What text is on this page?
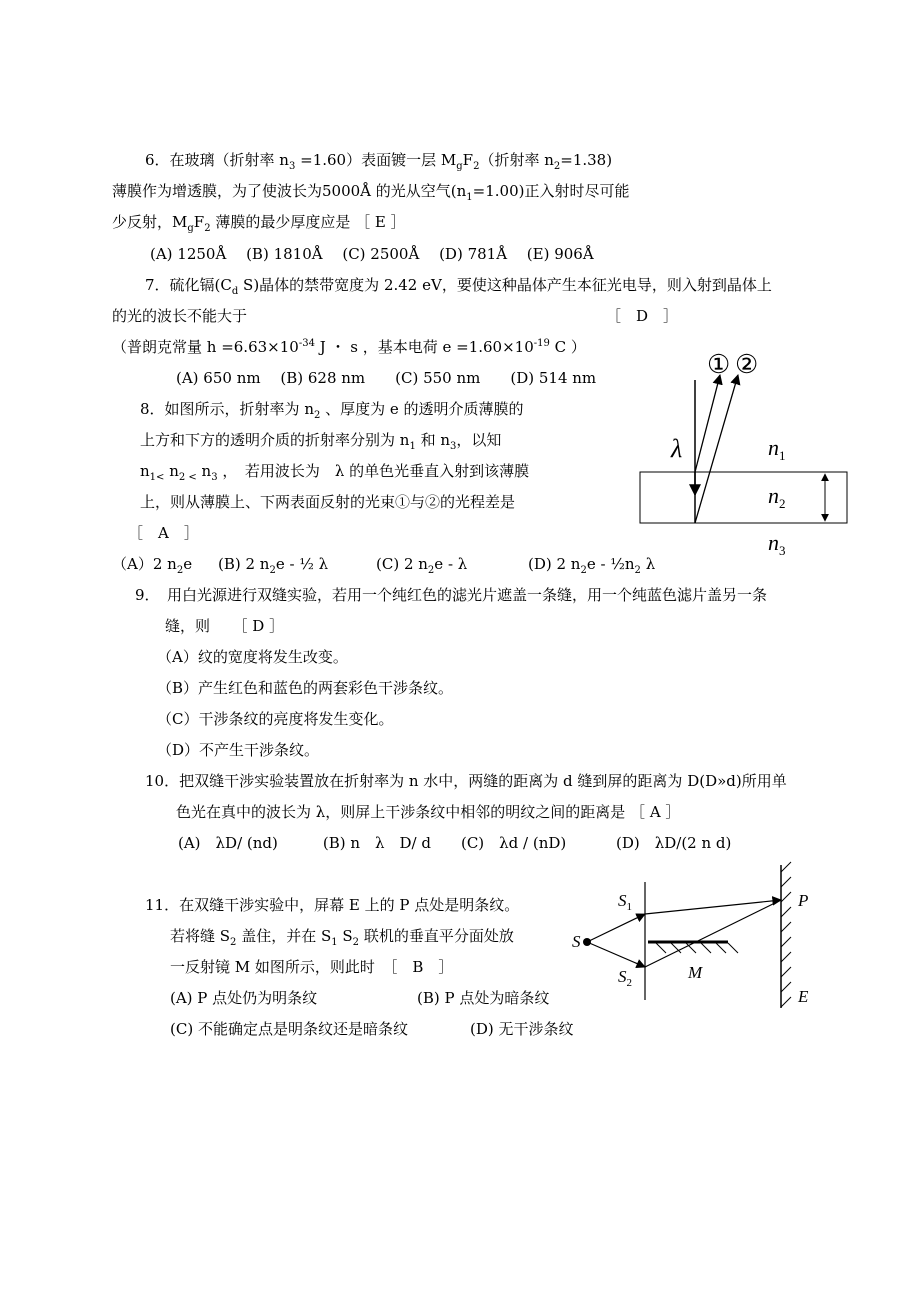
6．在玻璃（折射率 $n_3 =1.60$）表面镀一层 $M_gF_2$（折射率 $n_2=1.38$)
薄膜作为增透膜，为了使波长为5000Å 的光从空气$(n_1=1.00)$正入射时尽可能
少反射，$M_gF_2$ 薄膜的最少厚度应是 ［ E ］
(A) 1250Å　 (B) 1810Å　 (C) 2500Å　 (D) 781Å　 (E) 906Å
7．硫化镉($C_d$ S)晶体的禁带宽度为 2.42 eV，要使这种晶体产生本征光电导，则入射到晶体上
的光的波长不能大于	［　D　］
（普朗克常量 $h =6.63\times 10^{-34}$ J ・ s ，基本电荷 $e =1.60\times 10^{-19}$ C ）
(A) 650 nm　 (B) 628 nm　　(C) 550 nm　　(D) 514 nm
8．如图所示，折射率为 $n_2$ 、厚度为 e 的透明介质薄膜的
上方和下方的透明介质的折射率分别为 $n_1$ 和 $n_3$，以知
$n_{1<}$ $n_{2 <}$ $n_3$ ，　若用波长为　λ 的单色光垂直入射到该薄膜
上，则从薄膜上、下两表面反射的光束①与②的光程差是
［　A　］
（A）2 $n_2e$ (B) 2 $n_2e$ - ½ λ	(C) 2 $n_2e$ - λ	(D) 2 $n_2e$ - $\frac{1}{2}n_2$ λ
① ②
λ	$n_1$
$n_2$
$n_3$
9．　用白光源进行双缝实验，若用一个纯红色的滤光片遮盖一条缝，用一个纯蓝色滤片盖另一条
缝，则　　［ D ］
（A）纹的宽度将发生改变。
（B）产生红色和蓝色的两套彩色干涉条纹。
（C）干涉条纹的亮度将发生变化。
（D）不产生干涉条纹。
10．把双缝干涉实验装置放在折射率为 n 水中，两缝的距离为 d 缝到屏的距离为 D(D»d)所用单
色光在真中的波长为 λ，则屏上干涉条纹中相邻的明纹之间的距离是 ［ A ］
(A)　λD/ (nd)　　　(B) n　λ　D/ d　　(C)　λd / (nD)　　　 (D)　λD/(2 n d)
11．在双缝干涉实验中，屏幕 E 上的 P 点处是明条纹。
若将缝 $S_2$ 盖住，并在 $S_1$ $S_2$ 联机的垂直平分面处放
一反射镜 M 如图所示，则此时　［　B　］
(A) P 点处仍为明条纹	(B) P 点处为暗条纹
(C) 不能确定点是明条纹还是暗条纹	(D) 无干涉条纹
S
$S_1$
$S_2$
M
P
E
